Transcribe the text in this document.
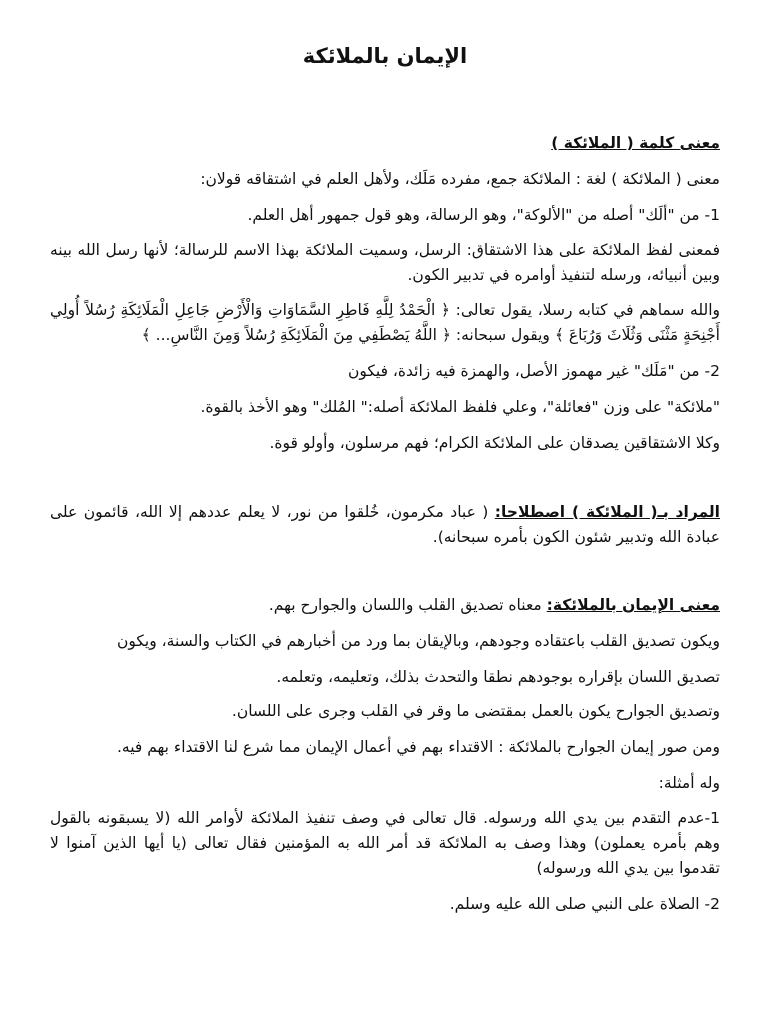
الإيمان بالملائكة

معنى كلمة ( الملائكة )

معنى ( الملائكة ) لغة : الملائكة جمع، مفرده مَلَك، ولأهل العلم في اشتقاقه قولان:

1- من "ألَك" أصله من "الألوكة"، وهو الرسالة، وهو قول جمهور أهل العلم.

فمعنى لفظ الملائكة على هذا الاشتقاق: الرسل، وسميت الملائكة بهذا الاسم للرسالة؛ لأنها رسل الله بينه وبين أنبيائه، ورسله لتنفيذ أوامره في تدبير الكون.

والله سماهم في كتابه رسلا، يقول تعالى: ﴿ الْحَمْدُ لِلَّهِ فَاطِرِ السَّمَاوَاتِ وَالْأَرْضِ جَاعِلِ الْمَلَائِكَةِ رُسُلاً أُولِي أَجْنِحَةٍ مَثْنَى وَثُلَاثَ وَرُبَاعَ ﴾ ويقول سبحانه: ﴿ اللَّهُ يَصْطَفِي مِنَ الْمَلَائِكَةِ رُسُلاً وَمِنَ النَّاسِ... ﴾

2- من "مَلَك" غير مهموز الأصل، والهمزة فيه زائدة، فيكون

"ملائكة" على وزن "فعائلة"، وعلي فلفظ الملائكة أصله:" المُلك" وهو الأخذ بالقوة.

وكلا الاشتقاقين يصدقان على الملائكة الكرام؛ فهم مرسلون، وأولو قوة.

المراد بـ( الملائكة ) اصطلاحا: ( عباد مكرمون، خُلقوا من نور، لا يعلم عددهم إلا الله، قائمون على عبادة الله وتدبير شئون الكون بأمره سبحانه).

معنى الإيمان بالملائكة: معناه تصديق القلب واللسان والجوارح بهم.

ويكون تصديق القلب باعتقاده وجودهم، وبالإيقان بما ورد من أخبارهم في الكتاب والسنة، ويكون

تصديق اللسان بإقراره بوجودهم نطقا والتحدث بذلك، وتعليمه، وتعلمه.

وتصديق الجوارح يكون بالعمل بمقتضى ما وقر في القلب وجرى على اللسان.

ومن صور إيمان الجوارح بالملائكة : الاقتداء بهم في أعمال الإيمان مما شرع لنا الاقتداء بهم فيه.

وله أمثلة:

1-عدم التقدم بين يدي الله ورسوله. قال تعالى في وصف تنفيذ الملائكة لأوامر الله (لا يسبقونه بالقول وهم بأمره يعملون) وهذا وصف به الملائكة قد أمر الله به المؤمنين فقال تعالى (يا أيها الذين آمنوا لا تقدموا بين يدي الله ورسوله)

2- الصلاة على النبي صلى الله عليه وسلم.
